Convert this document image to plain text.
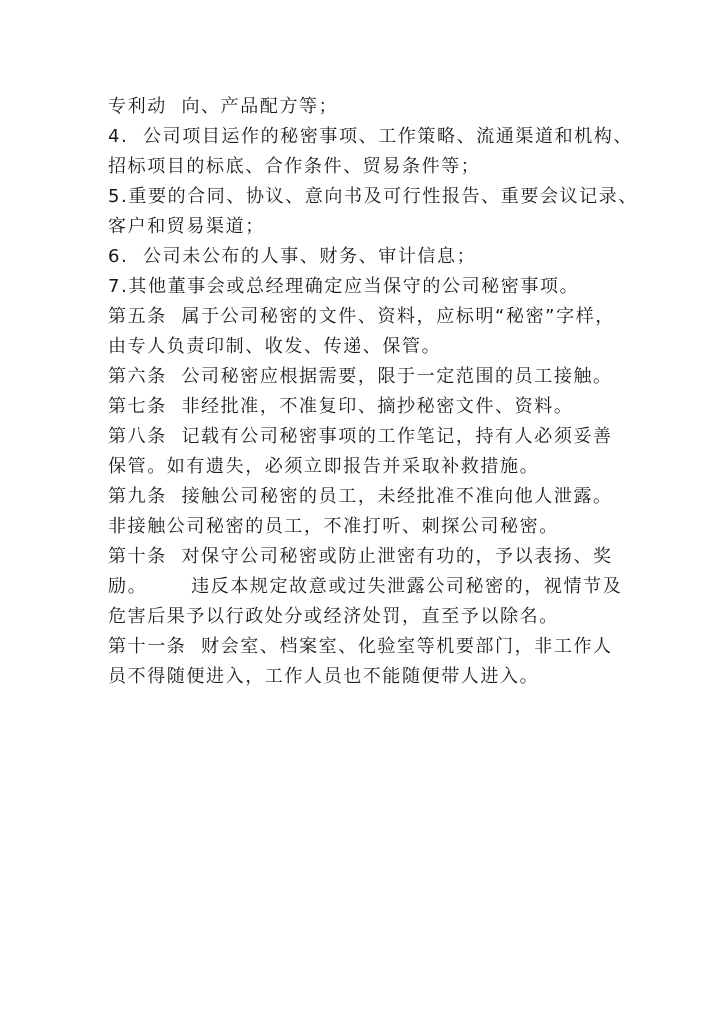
专利动  向、产品配方等；
4.  公司项目运作的秘密事项、工作策略、流通渠道和机构、
招标项目的标底、合作条件、贸易条件等；
5.重要的合同、协议、意向书及可行性报告、重要会议记录、
客户和贸易渠道；
6.  公司未公布的人事、财务、审计信息；
7.其他董事会或总经理确定应当保守的公司秘密事项。
第五条  属于公司秘密的文件、资料，应标明“秘密”字样，
由专人负责印制、收发、传递、保管。
第六条  公司秘密应根据需要，限于一定范围的员工接触。
第七条  非经批准，不准复印、摘抄秘密文件、资料。
第八条  记载有公司秘密事项的工作笔记，持有人必须妥善
保管。如有遗失，必须立即报告并采取补救措施。
第九条  接触公司秘密的员工，未经批准不准向他人泄露。
非接触公司秘密的员工，不准打听、刺探公司秘密。
第十条  对保守公司秘密或防止泄密有功的，予以表扬、奖
励。      违反本规定故意或过失泄露公司秘密的，视情节及
危害后果予以行政处分或经济处罚，直至予以除名。
第十一条  财会室、档案室、化验室等机要部门，非工作人
员不得随便进入，工作人员也不能随便带人进入。
